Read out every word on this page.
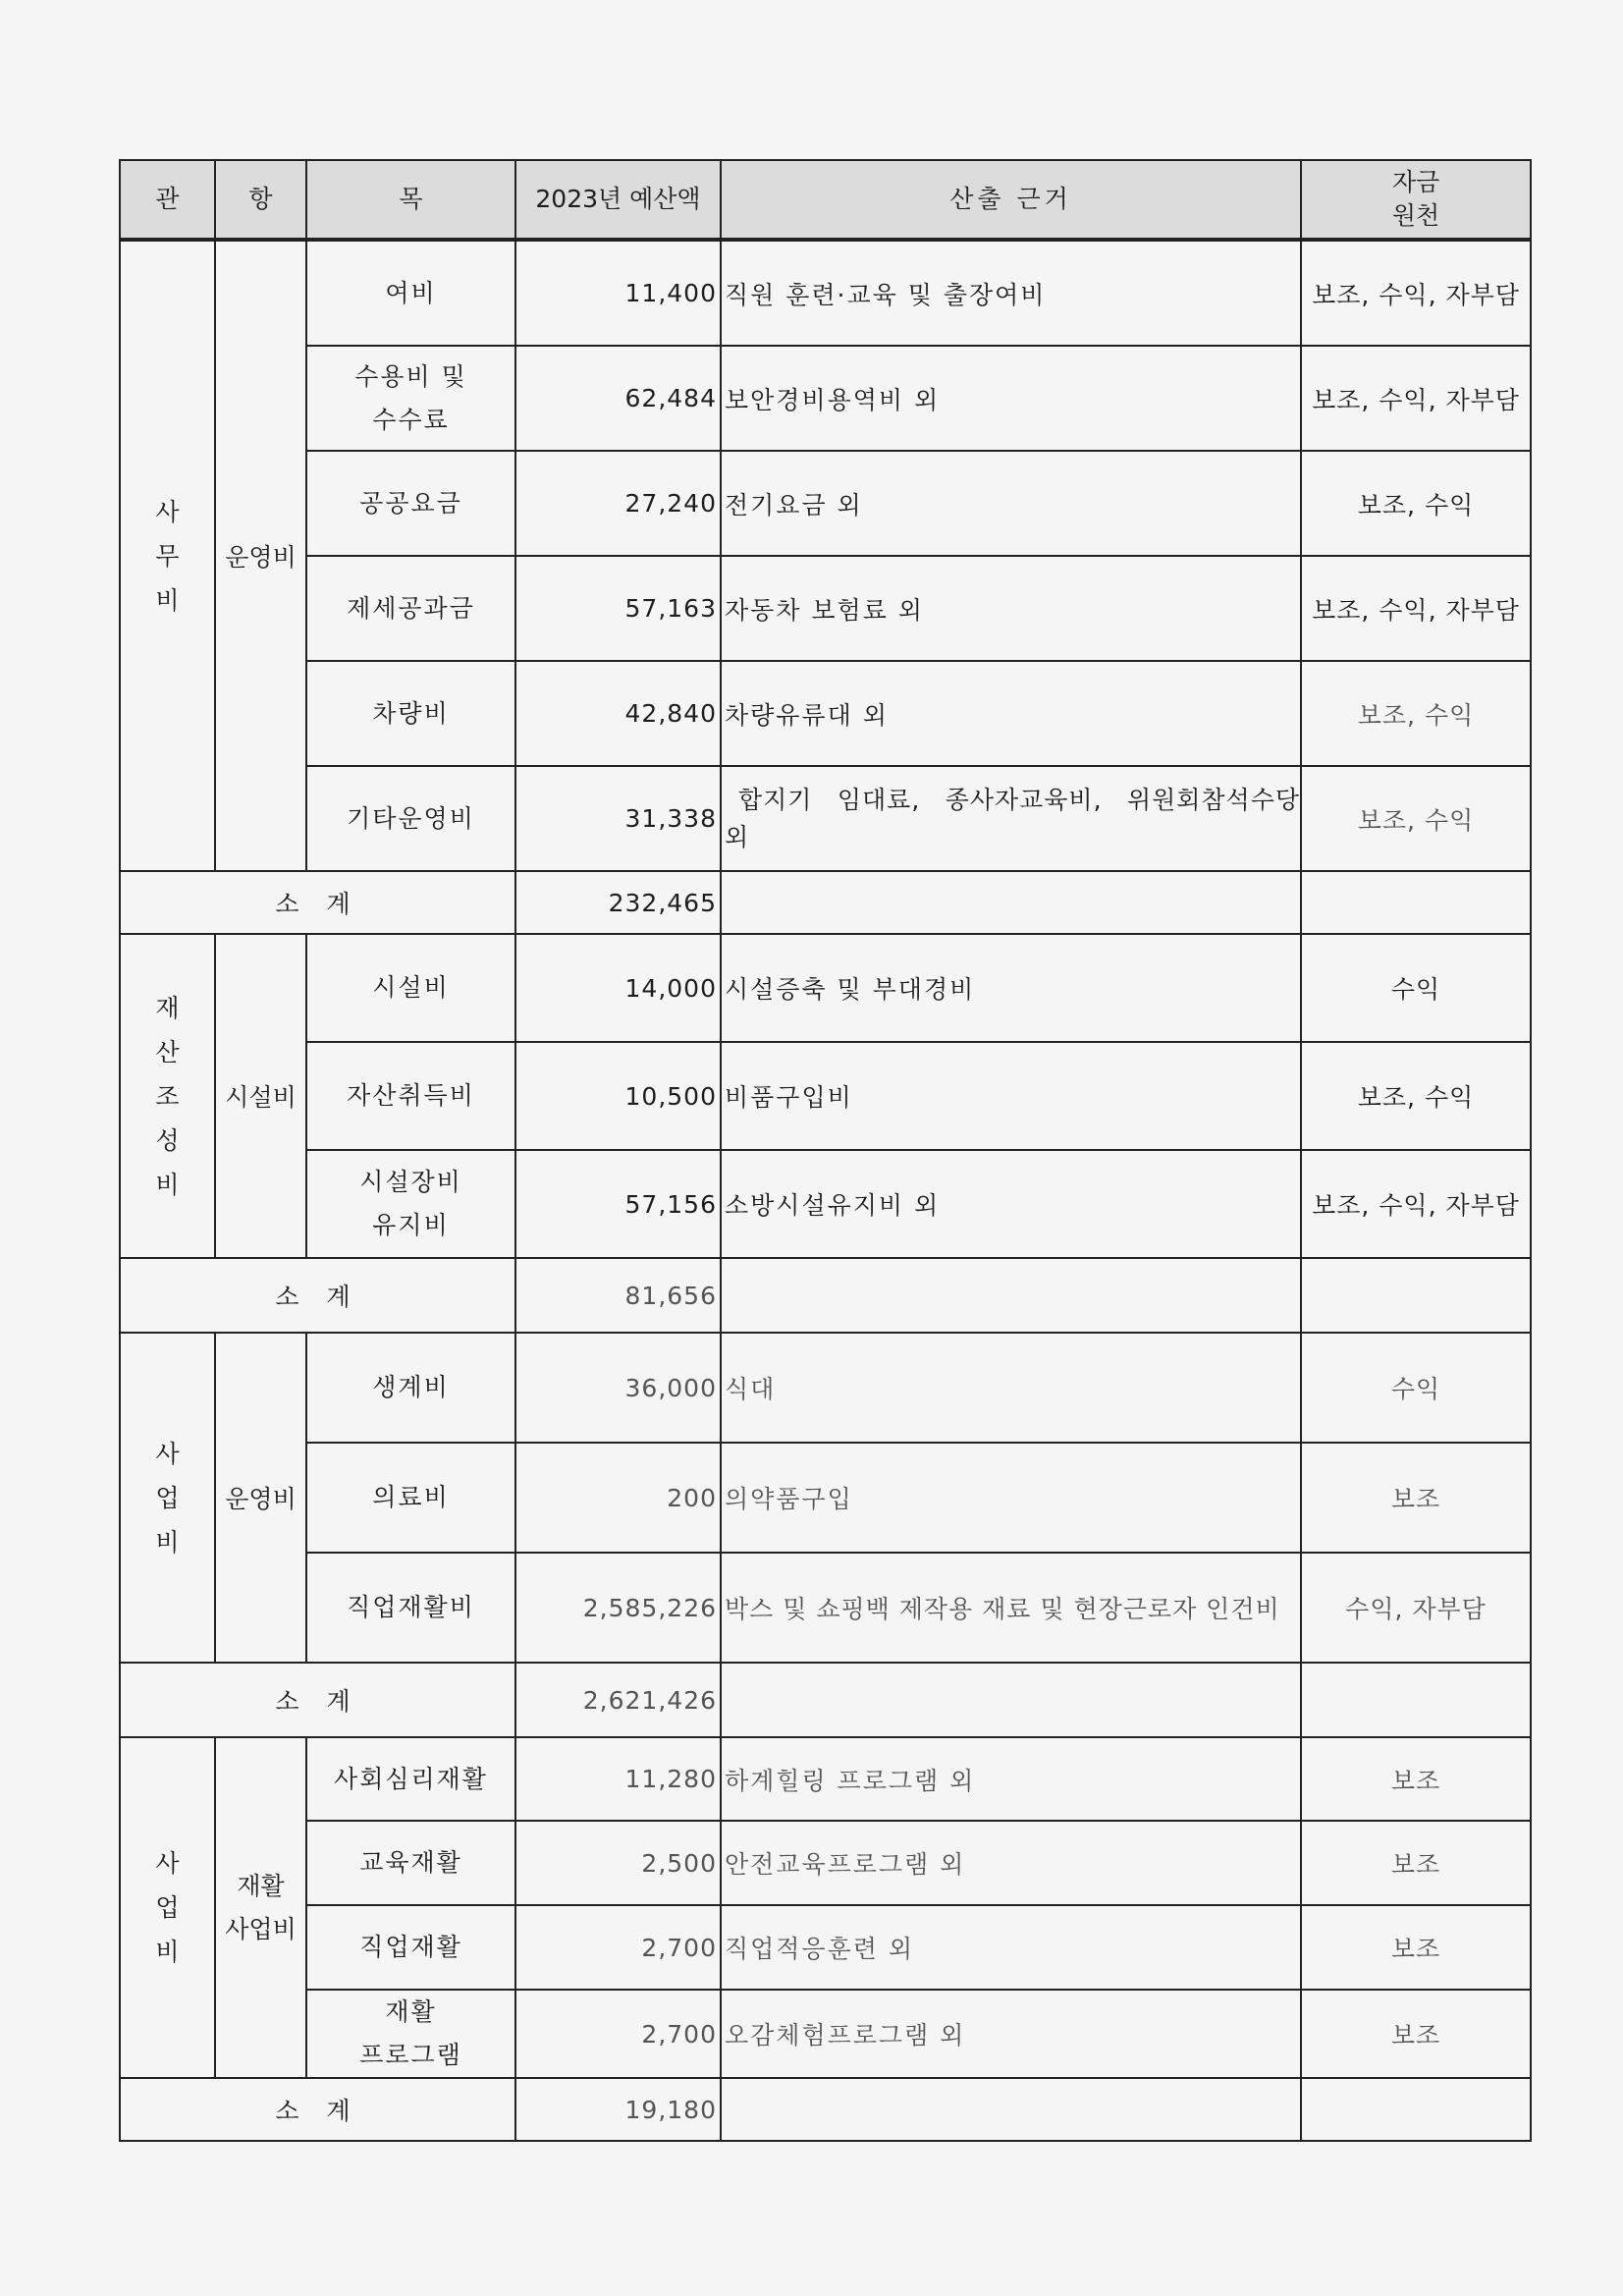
관	항	목	2023년 예산액	산출 근거	자금
원천

사
무
비	운영비	여비	11,400	직원 훈련·교육 및 출장여비	보조, 수익, 자부담

		수용비 및
수수료	62,484	보안경비용역비 외	보조, 수익, 자부담
		공공요금	27,240	전기요금 외	보조, 수익
		제세공과금	57,163	자동차 보험료 외	보조, 수익, 자부담
		차량비	42,840	차량유류대 외	보조, 수익
		기타운영비	31,338	합지기 임대료, 종사자교육비, 위원회참석수당
외	보조, 수익
소 계			232,465		

재
산
조
성
비	시설비	시설비	14,000	시설증축 및 부대경비	수익
		자산취득비	10,500	비품구입비	보조, 수익

		시설장비
유지비	57,156	소방시설유지비 외	보조, 수익, 자부담
소 계			81,656		

사
업
비	운영비	생계비	36,000	식대	수익
		의료비	200	의약품구입	보조
		직업재활비	2,585,226	박스 및 쇼핑백 제작용 재료 및 현장근로자 인건비	수익, 자부담
소 계			2,621,426		

사
업
비	재활
사업비	사회심리재활	11,280	하계힐링 프로그램 외	보조
		교육재활	2,500	안전교육프로그램 외	보조
		직업재활	2,700	직업적응훈련 외	보조

		재활
프로그램	2,700	오감체험프로그램 외	보조
소 계			19,180		
